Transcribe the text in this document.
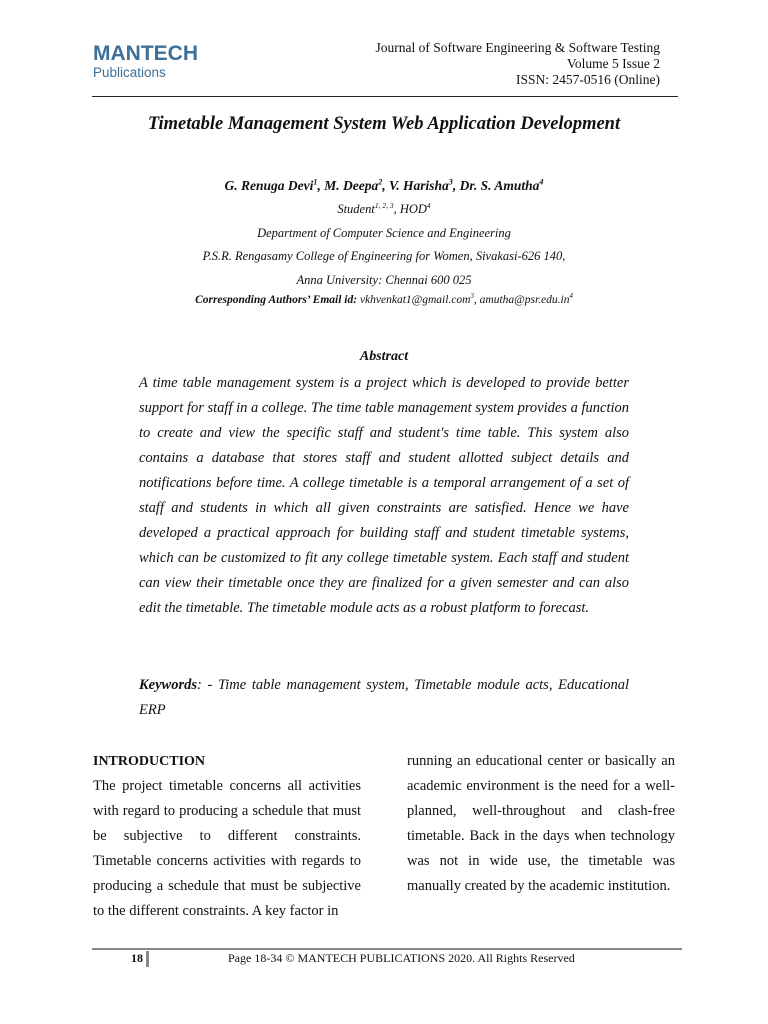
MANTECH
Publications
Journal of Software Engineering & Software Testing
Volume 5 Issue 2
ISSN: 2457-0516 (Online)
Timetable Management System Web Application Development
G. Renuga Devi$^1$, M. Deepa$^2$, V. Harisha$^3$, Dr. S. Amutha$^4$
Student$^{1, 2, 3}$, HOD$^4$
Department of Computer Science and Engineering
P.S.R. Rengasamy College of Engineering for Women, Sivakasi-626 140,
Anna University: Chennai 600 025
Corresponding Authors’ Email id: vkhvenkat1@gmail.com$^3$, $amutha@psr.edu.in^4$
Abstract
A time table management system is a project which is developed to provide better support for staff in a college. The time table management system provides a function to create and view the specific staff and student's time table. This system also contains a database that stores staff and student allotted subject details and notifications before time. A college timetable is a temporal arrangement of a set of staff and students in which all given constraints are satisfied. Hence we have developed a practical approach for building staff and student timetable systems, which can be customized to fit any college timetable system. Each staff and student can view their timetable once they are finalized for a given semester and can also edit the timetable. The timetable module acts as a robust platform to forecast.
Keywords: - Time table management system, Timetable module acts, Educational ERP
INTRODUCTION
The project timetable concerns all activities with regard to producing a schedule that must be subjective to different constraints. Timetable concerns activities with regards to producing a schedule that must be subjective to the different constraints. A key factor in
running an educational center or basically an academic environment is the need for a well-planned, well-throughout and clash-free timetable. Back in the days when technology was not in wide use, the timetable was manually created by the academic institution.
18	Page 18-34 © MANTECH PUBLICATIONS 2020. All Rights Reserved
